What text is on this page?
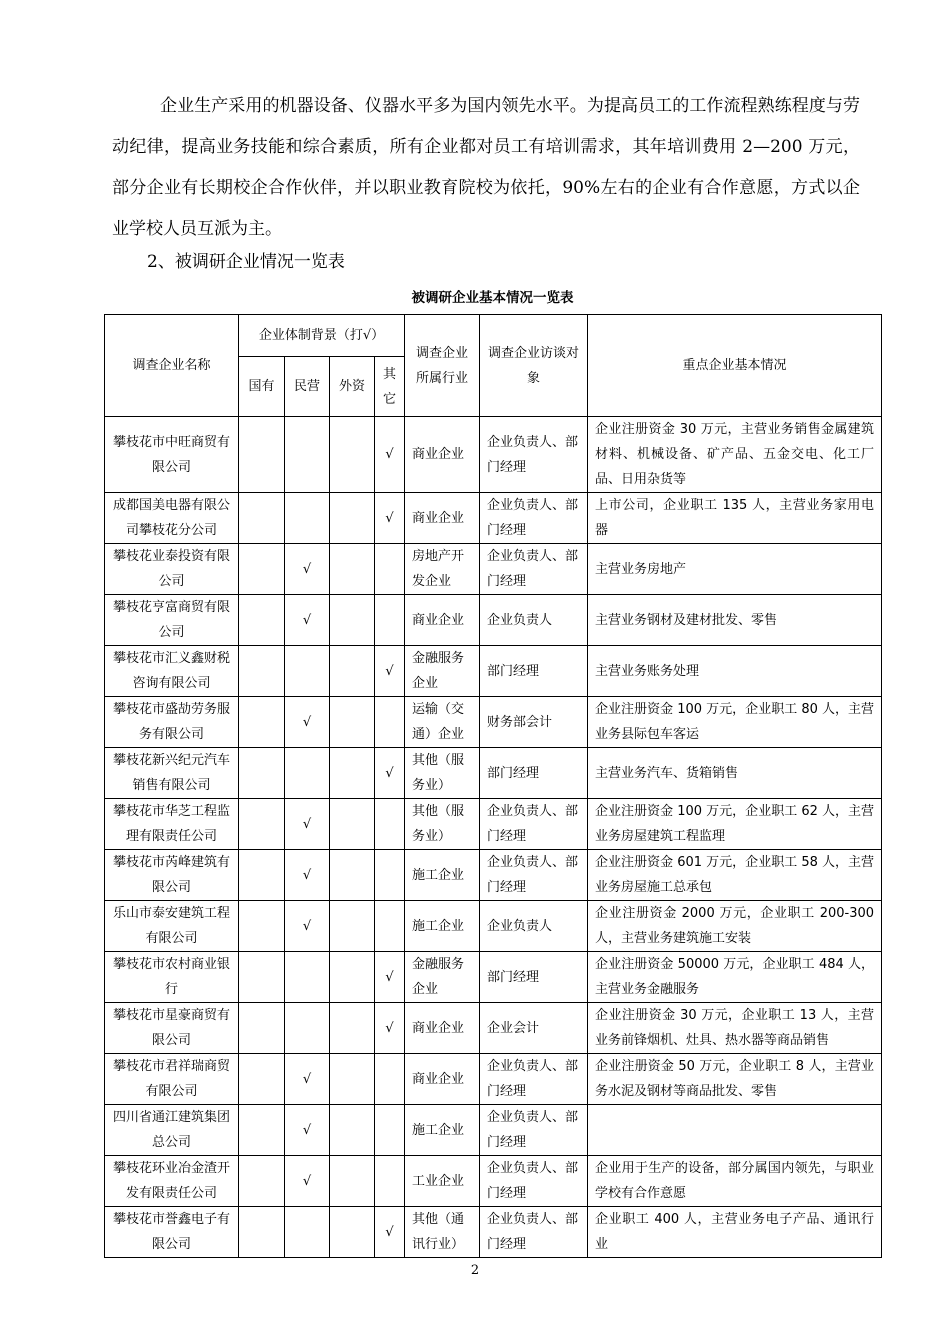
企业生产采用的机器设备、仪器水平多为国内领先水平。为提高员工的工作流程熟练程度与劳动纪律，提高业务技能和综合素质，所有企业都对员工有培训需求，其年培训费用 2—200 万元，部分企业有长期校企合作伙伴，并以职业教育院校为依托，90%左右的企业有合作意愿，方式以企业学校人员互派为主。

2、被调研企业情况一览表

被调研企业基本情况一览表
调查企业名称	企业体制背景（打√）				调查企业所属行业	调查企业访谈对象	重点企业基本情况
	国有	民营	外资	其它			
攀枝花市中旺商贸有限公司				√	商业企业	企业负责人、部门经理	企业注册资金 30 万元，主营业务销售金属建筑材料、机械设备、矿产品、五金交电、化工厂品、日用杂货等
成都国美电器有限公司攀枝花分公司				√	商业企业	企业负责人、部门经理	上市公司，企业职工 135 人，主营业务家用电器
攀枝花业泰投资有限公司		√			房地产开发企业	企业负责人、部门经理	主营业务房地产
攀枝花亨富商贸有限公司		√			商业企业	企业负责人	主营业务钢材及建材批发、零售
攀枝花市汇义鑫财税咨询有限公司				√	金融服务企业	部门经理	主营业务账务处理
攀枝花市盛劼劳务服务有限公司		√			运输（交通）企业	财务部会计	企业注册资金 100 万元，企业职工 80 人，主营业务县际包车客运
攀枝花新兴纪元汽车销售有限公司				√	其他（服务业）	部门经理	主营业务汽车、货箱销售
攀枝花市华芝工程监理有限责任公司		√			其他（服务业）	企业负责人、部门经理	企业注册资金 100 万元，企业职工 62 人，主营业务房屋建筑工程监理
攀枝花市芮峰建筑有限公司		√			施工企业	企业负责人、部门经理	企业注册资金 601 万元，企业职工 58 人，主营业务房屋施工总承包
乐山市泰安建筑工程有限公司		√			施工企业	企业负责人	企业注册资金 2000 万元，企业职工 200-300 人，主营业务建筑施工安装
攀枝花市农村商业银行				√	金融服务企业	部门经理	企业注册资金 50000 万元，企业职工 484 人，主营业务金融服务
攀枝花市星豪商贸有限公司				√	商业企业	企业会计	企业注册资金 30 万元，企业职工 13 人，主营业务前锋烟机、灶具、热水器等商品销售
攀枝花市君祥瑞商贸有限公司		√			商业企业	企业负责人、部门经理	企业注册资金 50 万元，企业职工 8 人，主营业务水泥及钢材等商品批发、零售
四川省通江建筑集团总公司		√			施工企业	企业负责人、部门经理	
攀枝花环业冶金渣开发有限责任公司		√			工业企业	企业负责人、部门经理	企业用于生产的设备，部分属国内领先，与职业学校有合作意愿
攀枝花市誉鑫电子有限公司				√	其他（通讯行业）	企业负责人、部门经理	企业职工 400 人，主营业务电子产品、通讯行业
2
